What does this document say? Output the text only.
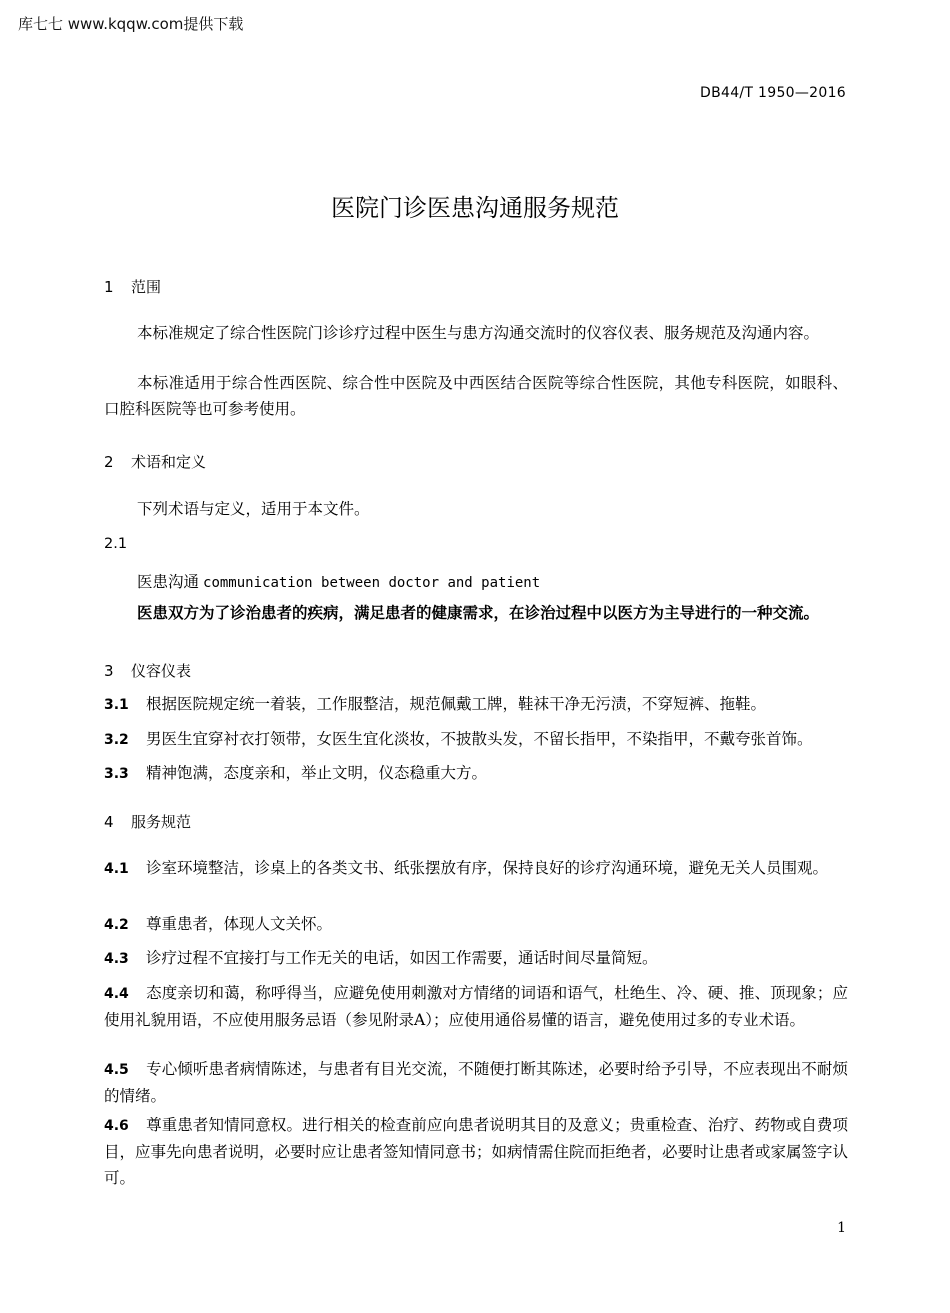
库七七 www.kqqw.com提供下载
DB44/T 1950—2016
医院门诊医患沟通服务规范
1 范围

本标准规定了综合性医院门诊诊疗过程中医生与患方沟通交流时的仪容仪表、服务规范及沟通内容。

本标准适用于综合性西医院、综合性中医院及中西医结合医院等综合性医院，其他专科医院，如眼科、口腔科医院等也可参考使用。

2 术语和定义

下列术语与定义，适用于本文件。

2.1
医患沟通 communication between doctor and patient

医患双方为了诊治患者的疾病，满足患者的健康需求，在诊治过程中以医方为主导进行的一种交流。

3 仪容仪表

3.1 根据医院规定统一着装，工作服整洁，规范佩戴工牌，鞋袜干净无污渍，不穿短裤、拖鞋。

3.2 男医生宜穿衬衣打领带，女医生宜化淡妆，不披散头发，不留长指甲，不染指甲，不戴夸张首饰。

3.3 精神饱满，态度亲和，举止文明，仪态稳重大方。

4 服务规范

4.1 诊室环境整洁，诊桌上的各类文书、纸张摆放有序，保持良好的诊疗沟通环境，避免无关人员围观。

4.2 尊重患者，体现人文关怀。

4.3 诊疗过程不宜接打与工作无关的电话，如因工作需要，通话时间尽量简短。

4.4 态度亲切和蔼，称呼得当，应避免使用刺激对方情绪的词语和语气，杜绝生、冷、硬、推、顶现象；应使用礼貌用语，不应使用服务忌语（参见附录A）；应使用通俗易懂的语言，避免使用过多的专业术语。

4.5 专心倾听患者病情陈述，与患者有目光交流，不随便打断其陈述，必要时给予引导，不应表现出不耐烦的情绪。

4.6 尊重患者知情同意权。进行相关的检查前应向患者说明其目的及意义；贵重检查、治疗、药物或自费项目，应事先向患者说明，必要时应让患者签知情同意书；如病情需住院而拒绝者，必要时让患者或家属签字认可。

1
